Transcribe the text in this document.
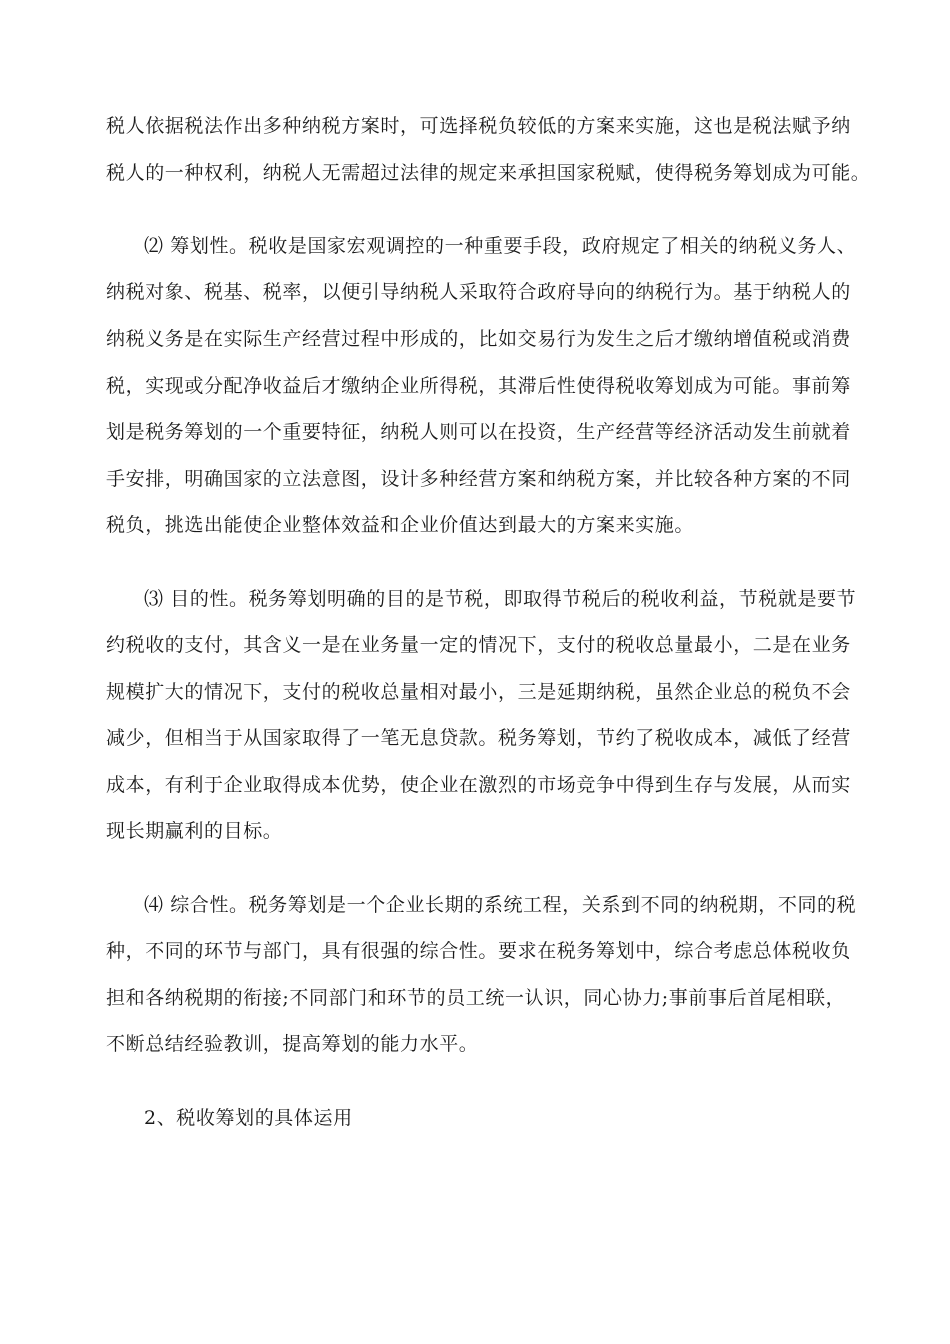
税人依据税法作出多种纳税方案时，可选择税负较低的方案来实施，这也是税法赋予纳
税人的一种权利，纳税人无需超过法律的规定来承担国家税赋，使得税务筹划成为可能。
⑵ 筹划性。税收是国家宏观调控的一种重要手段，政府规定了相关的纳税义务人、
纳税对象、税基、税率，以便引导纳税人采取符合政府导向的纳税行为。基于纳税人的
纳税义务是在实际生产经营过程中形成的，比如交易行为发生之后才缴纳增值税或消费
税，实现或分配净收益后才缴纳企业所得税，其滞后性使得税收筹划成为可能。事前筹
划是税务筹划的一个重要特征，纳税人则可以在投资，生产经营等经济活动发生前就着
手安排，明确国家的立法意图，设计多种经营方案和纳税方案，并比较各种方案的不同
税负，挑选出能使企业整体效益和企业价值达到最大的方案来实施。
⑶ 目的性。税务筹划明确的目的是节税，即取得节税后的税收利益，节税就是要节
约税收的支付，其含义一是在业务量一定的情况下，支付的税收总量最小，二是在业务
规模扩大的情况下，支付的税收总量相对最小，三是延期纳税，虽然企业总的税负不会
减少，但相当于从国家取得了一笔无息贷款。税务筹划，节约了税收成本，减低了经营
成本，有利于企业取得成本优势，使企业在激烈的市场竞争中得到生存与发展，从而实
现长期赢利的目标。
⑷ 综合性。税务筹划是一个企业长期的系统工程，关系到不同的纳税期，不同的税
种，不同的环节与部门，具有很强的综合性。要求在税务筹划中，综合考虑总体税收负
担和各纳税期的衔接;不同部门和环节的员工统一认识，同心协力;事前事后首尾相联，
不断总结经验教训，提高筹划的能力水平。
2、税收筹划的具体运用
